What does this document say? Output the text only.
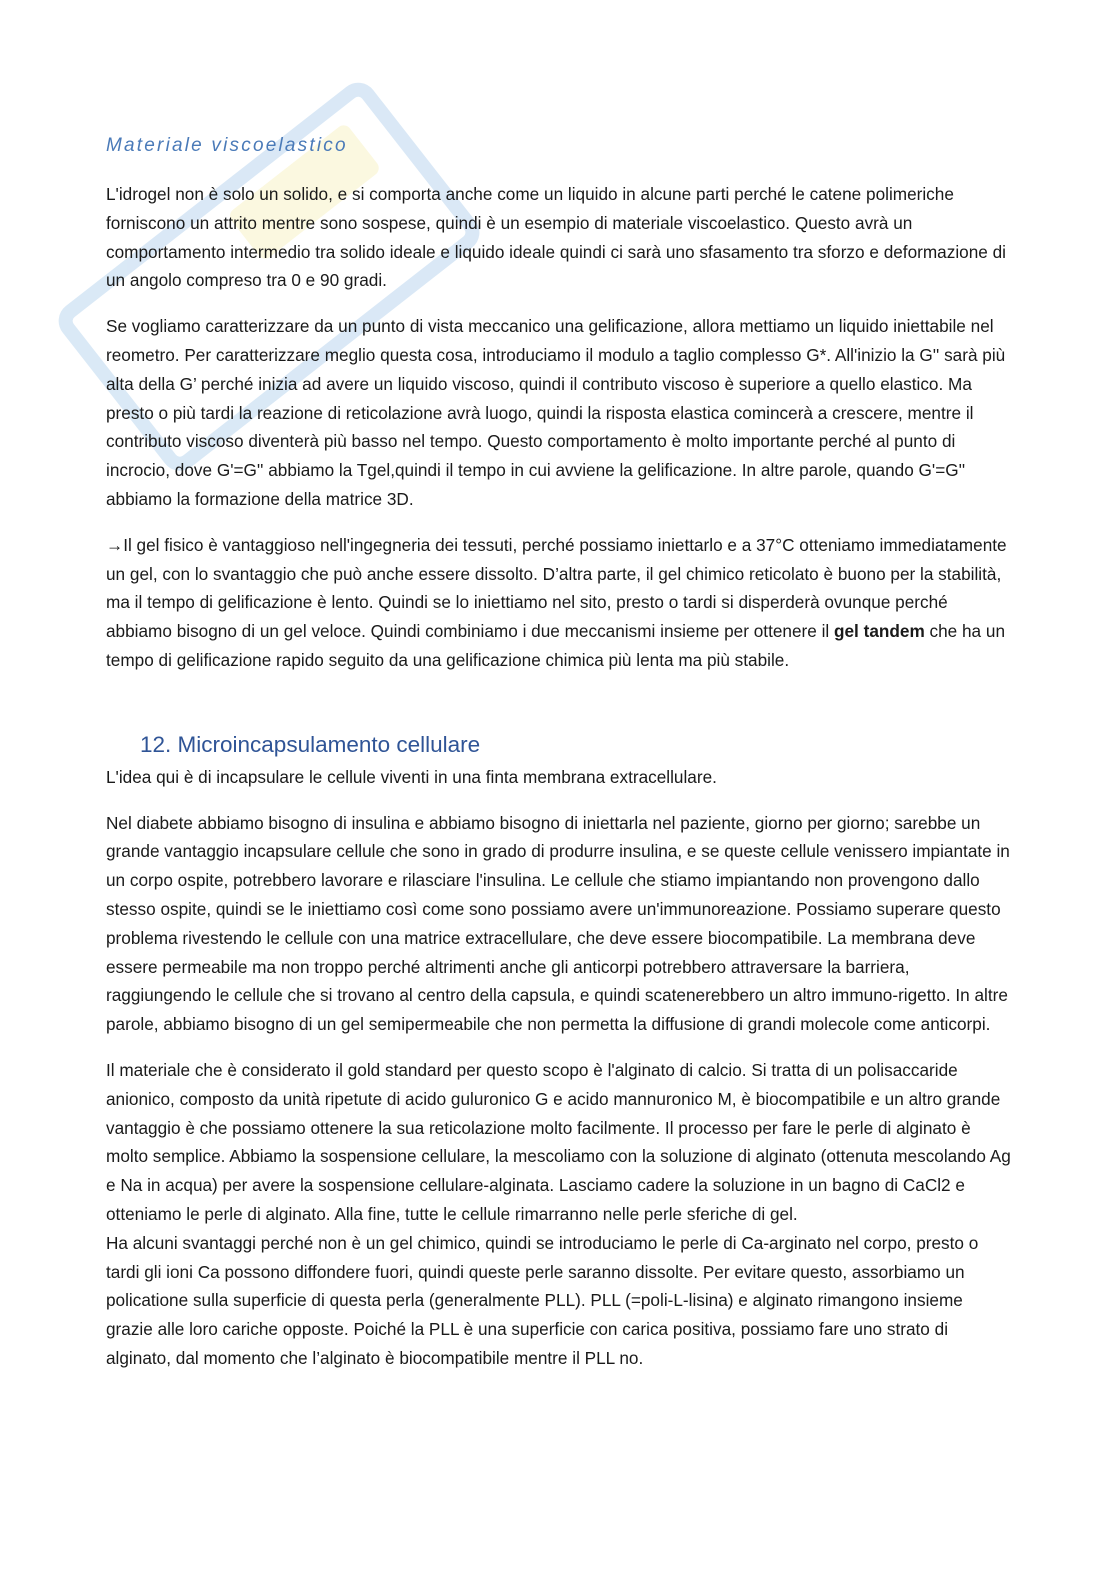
Materiale viscoelastico

L'idrogel non è solo un solido, e si comporta anche come un liquido in alcune parti perché le catene polimeriche forniscono un attrito mentre sono sospese, quindi è un esempio di materiale viscoelastico. Questo avrà un comportamento intermedio tra solido ideale e liquido ideale quindi ci sarà uno sfasamento tra sforzo e deformazione di un angolo compreso tra 0 e 90 gradi.

Se vogliamo caratterizzare da un punto di vista meccanico una gelificazione, allora mettiamo un liquido iniettabile nel reometro. Per caratterizzare meglio questa cosa, introduciamo il modulo a taglio complesso G*. All'inizio la G'' sarà più alta della G’ perché inizia ad avere un liquido viscoso, quindi il contributo viscoso è superiore a quello elastico. Ma presto o più tardi la reazione di reticolazione avrà luogo, quindi la risposta elastica comincerà a crescere, mentre il contributo viscoso diventerà più basso nel tempo. Questo comportamento è molto importante perché al punto di incrocio, dove G'=G'' abbiamo la Tgel,quindi il tempo in cui avviene la gelificazione. In altre parole, quando G'=G'' abbiamo la formazione della matrice 3D.

→Il gel fisico è vantaggioso nell'ingegneria dei tessuti, perché possiamo iniettarlo e a 37°C otteniamo immediatamente un gel, con lo svantaggio che può anche essere dissolto. D’altra parte, il gel chimico reticolato è buono per la stabilità, ma il tempo di gelificazione è lento. Quindi se lo iniettiamo nel sito, presto o tardi si disperderà ovunque perché abbiamo bisogno di un gel veloce. Quindi combiniamo i due meccanismi insieme per ottenere il gel tandem che ha un tempo di gelificazione rapido seguito da una gelificazione chimica più lenta ma più stabile.

12. Microincapsulamento cellulare

L'idea qui è di incapsulare le cellule viventi in una finta membrana extracellulare.

Nel diabete abbiamo bisogno di insulina e abbiamo bisogno di iniettarla nel paziente, giorno per giorno; sarebbe un grande vantaggio incapsulare cellule che sono in grado di produrre insulina, e se queste cellule venissero impiantate in un corpo ospite, potrebbero lavorare e rilasciare l'insulina. Le cellule che stiamo impiantando non provengono dallo stesso ospite, quindi se le iniettiamo così come sono possiamo avere un'immunoreazione. Possiamo superare questo problema rivestendo le cellule con una matrice extracellulare, che deve essere biocompatibile. La membrana deve essere permeabile ma non troppo perché altrimenti anche gli anticorpi potrebbero attraversare la barriera, raggiungendo le cellule che si trovano al centro della capsula, e quindi scatenerebbero un altro immuno-rigetto. In altre parole, abbiamo bisogno di un gel semipermeabile che non permetta la diffusione di grandi molecole come anticorpi.

Il materiale che è considerato il gold standard per questo scopo è l'alginato di calcio. Si tratta di un polisaccaride anionico, composto da unità ripetute di acido guluronico G e acido mannuronico M, è biocompatibile e un altro grande vantaggio è che possiamo ottenere la sua reticolazione molto facilmente. Il processo per fare le perle di alginato è molto semplice. Abbiamo la sospensione cellulare, la mescoliamo con la soluzione di alginato (ottenuta mescolando Ag e Na in acqua) per avere la sospensione cellulare-alginata. Lasciamo cadere la soluzione in un bagno di CaCl2 e otteniamo le perle di alginato. Alla fine, tutte le cellule rimarranno nelle perle sferiche di gel.

Ha alcuni svantaggi perché non è un gel chimico, quindi se introduciamo le perle di Ca-arginato nel corpo, presto o tardi gli ioni Ca possono diffondere fuori, quindi queste perle saranno dissolte. Per evitare questo, assorbiamo un policatione sulla superficie di questa perla (generalmente PLL). PLL (=poli-L-lisina) e alginato rimangono insieme grazie alle loro cariche opposte. Poiché la PLL è una superficie con carica positiva, possiamo fare uno strato di alginato, dal momento che l’alginato è biocompatibile mentre il PLL no.
